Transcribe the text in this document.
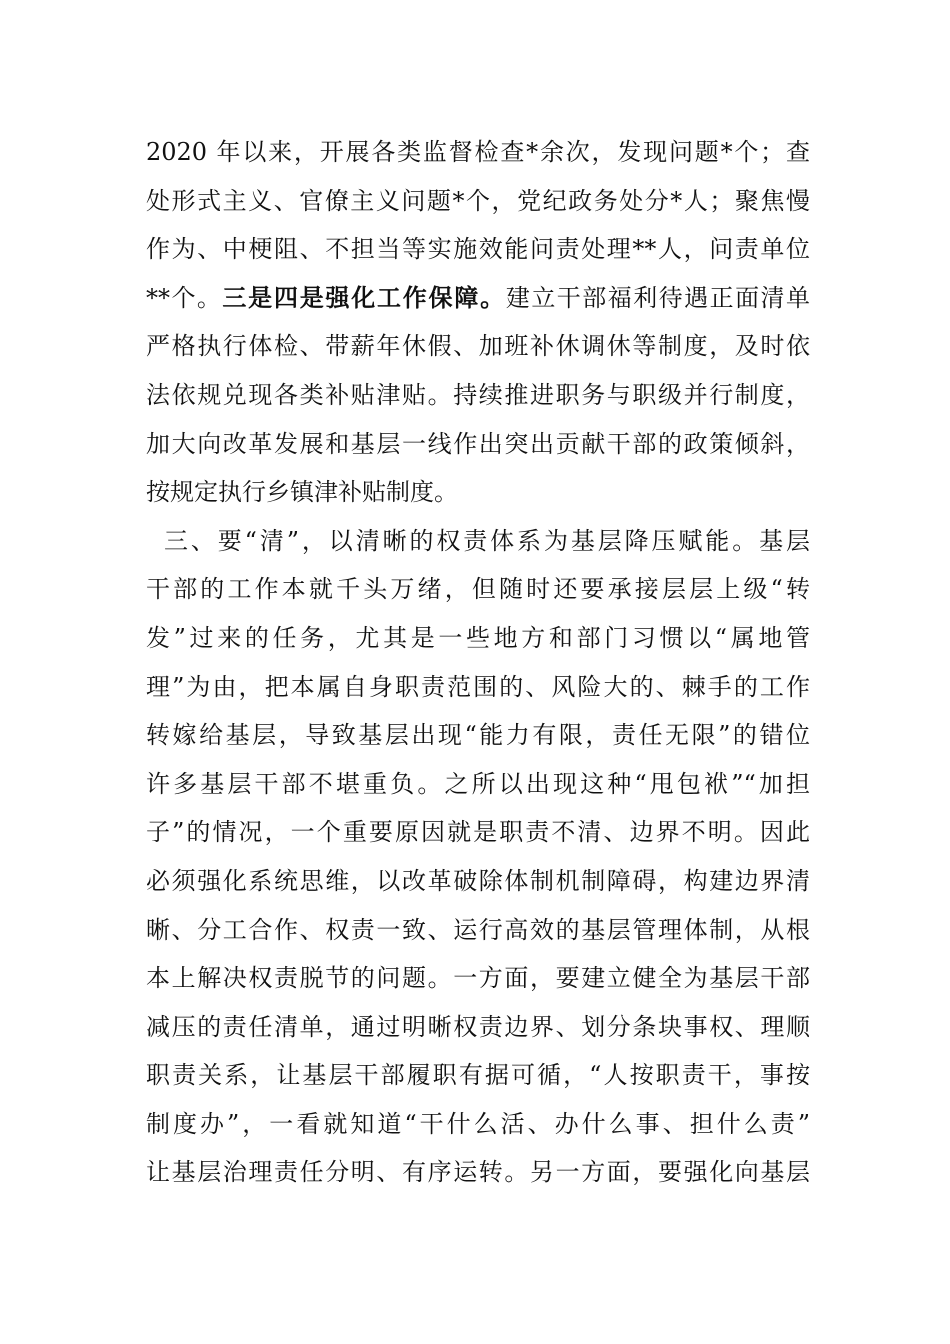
2020 年以来，开展各类监督检查*余次，发现问题*个；查
处形式主义、官僚主义问题*个，党纪政务处分*人；聚焦慢
作为、中梗阻、不担当等实施效能问责处理**人，问责单位
**个。三是四是强化工作保障。建立干部福利待遇正面清单
严格执行体检、带薪年休假、加班补休调休等制度，及时依
法依规兑现各类补贴津贴。持续推进职务与职级并行制度，
加大向改革发展和基层一线作出突出贡献干部的政策倾斜，
按规定执行乡镇津补贴制度。
三、要“清”，以清晰的权责体系为基层降压赋能。基层
干部的工作本就千头万绪，但随时还要承接层层上级“转
发”过来的任务，尤其是一些地方和部门习惯以“属地管
理”为由，把本属自身职责范围的、风险大的、棘手的工作
转嫁给基层，导致基层出现“能力有限，责任无限”的错位
许多基层干部不堪重负。之所以出现这种“甩包袱”“加担
子”的情况，一个重要原因就是职责不清、边界不明。因此
必须强化系统思维，以改革破除体制机制障碍，构建边界清
晰、分工合作、权责一致、运行高效的基层管理体制，从根
本上解决权责脱节的问题。一方面，要建立健全为基层干部
减压的责任清单，通过明晰权责边界、划分条块事权、理顺
职责关系，让基层干部履职有据可循，“人按职责干，事按
制度办”，一看就知道“干什么活、办什么事、担什么责”
让基层治理责任分明、有序运转。另一方面，要强化向基层
